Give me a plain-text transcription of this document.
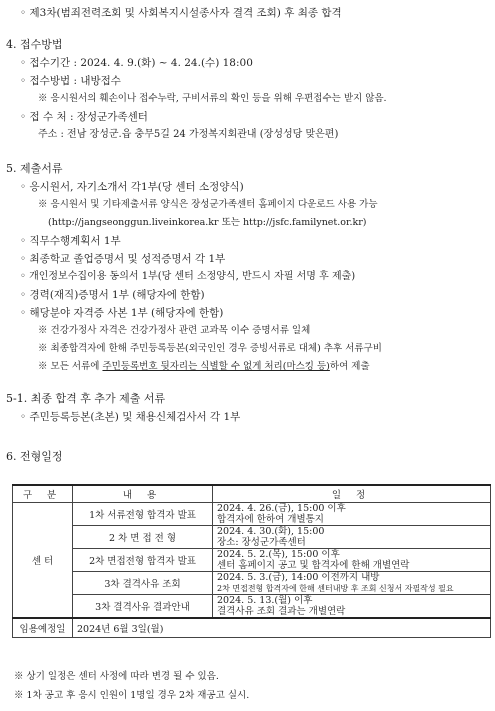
◦ 제3차(범죄전력조회 및 사회복지시설종사자 결격 조회) 후 최종 합격
4. 접수방법
◦ 접수기간 : 2024. 4. 9.(화) ~ 4. 24.(수) 18:00
◦ 접수방법 : 내방접수
※ 응시원서의 훼손이나 접수누락, 구비서류의 확인 등을 위해 우편접수는 받지 않음.
◦ 접 수 처 : 장성군가족센터
주소 : 전남 장성군.읍 충무5길 24 가정복지회관내 (장성성당 맞은편)
5. 제출서류
◦ 응시원서, 자기소개서 각1부(당 센터 소정양식)
※ 응시원서 및 기타제출서류 양식은 장성군가족센터 홈페이지 다운로드 사용 가능
(http://jangseonggun.liveinkorea.kr 또는 http://jsfc.familynet.or.kr)
◦ 직무수행계획서 1부
◦ 최종학교 졸업증명서 및 성적증명서 각 1부
◦ 개인정보수집이용 동의서 1부(당 센터 소정양식, 반드시 자필 서명 후 제출)
◦ 경력(재직)증명서 1부 (해당자에 한함)
◦ 해당분야 자격증 사본 1부 (해당자에 한함)
※ 건강가정사 자격은 건강가정사 관련 교과목 이수 증명서류 일체
※ 최종합격자에 한해 주민등록등본(외국인인 경우 증빙서류로 대체) 추후 서류구비
※ 모든 서류에 주민등록번호 뒷자리는 식별할 수 없게 처리(마스킹 등)하여 제출
5-1. 최종 합격 후 추가 제출 서류
◦ 주민등록등본(초본) 및 채용신체검사서 각 1부
6. 전형일정
구 분	내 용	일 정
센 터	1차 서류전형 합격자 발표	2024. 4. 26.(금), 15:00 이후
합격자에 한하여 개별통지

	2 차 면 접 전 형	2024. 4. 30.(화), 15:00
장소: 장성군가족센터

	2차 면접전형 합격자 발표	2024. 5. 2.(목), 15:00 이후
센터 홈페이지 공고 및 합격자에 한해 개별연락

	3차 결격사유 조회	2024. 5. 3.(금), 14:00 이전까지 내방
2차 면접전형 합격자에 한해 센터내방 후 조회 신청서 자필작성 필요

	3차 결격사유 결과안내	2024. 5. 13.(월) 이후
결격사유 조회 결과는 개별연락

임용예정일	2024년 6월 3일(월)	
※ 상기 일정은 센터 사정에 따라 변경 될 수 있음.
※ 1차 공고 후 응시 인원이 1명일 경우 2차 재공고 실시.
